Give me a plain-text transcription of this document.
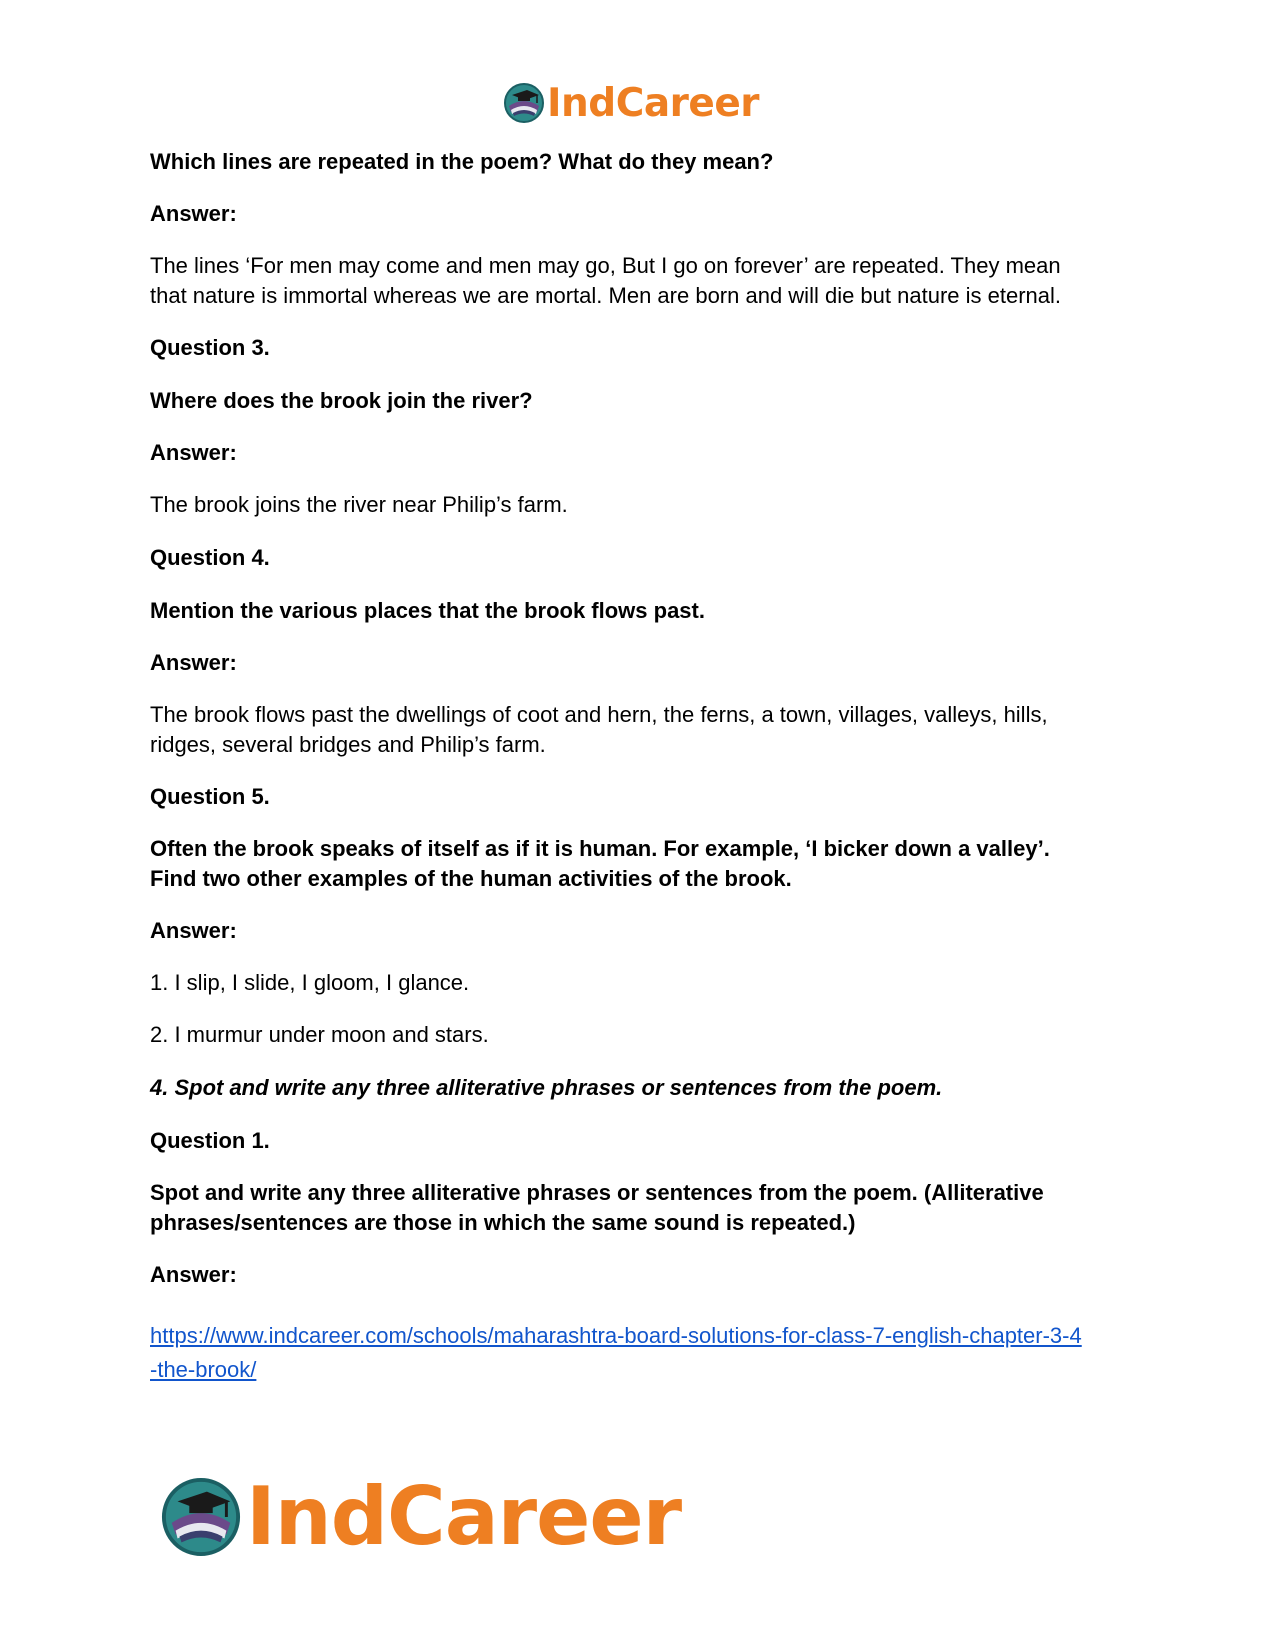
IndCareer
Which lines are repeated in the poem? What do they mean?
Answer:
The lines ‘For men may come and men may go, But I go on forever’ are repeated. They mean
that nature is immortal whereas we are mortal. Men are born and will die but nature is eternal.
Question 3.
Where does the brook join the river?
Answer:
The brook joins the river near Philip’s farm.
Question 4.
Mention the various places that the brook flows past.
Answer:
The brook flows past the dwellings of coot and hern, the ferns, a town, villages, valleys, hills,
ridges, several bridges and Philip’s farm.
Question 5.
Often the brook speaks of itself as if it is human. For example, ‘I bicker down a valley’.
Find two other examples of the human activities of the brook.
Answer:
1. I slip, I slide, I gloom, I glance.
2. I murmur under moon and stars.
4. Spot and write any three alliterative phrases or sentences from the poem.
Question 1.
Spot and write any three alliterative phrases or sentences from the poem. (Alliterative
phrases/sentences are those in which the same sound is repeated.)
Answer:
https://www.indcareer.com/schools/maharashtra-board-solutions-for-class-7-english-chapter-3-4
-the-brook/
IndCareer
